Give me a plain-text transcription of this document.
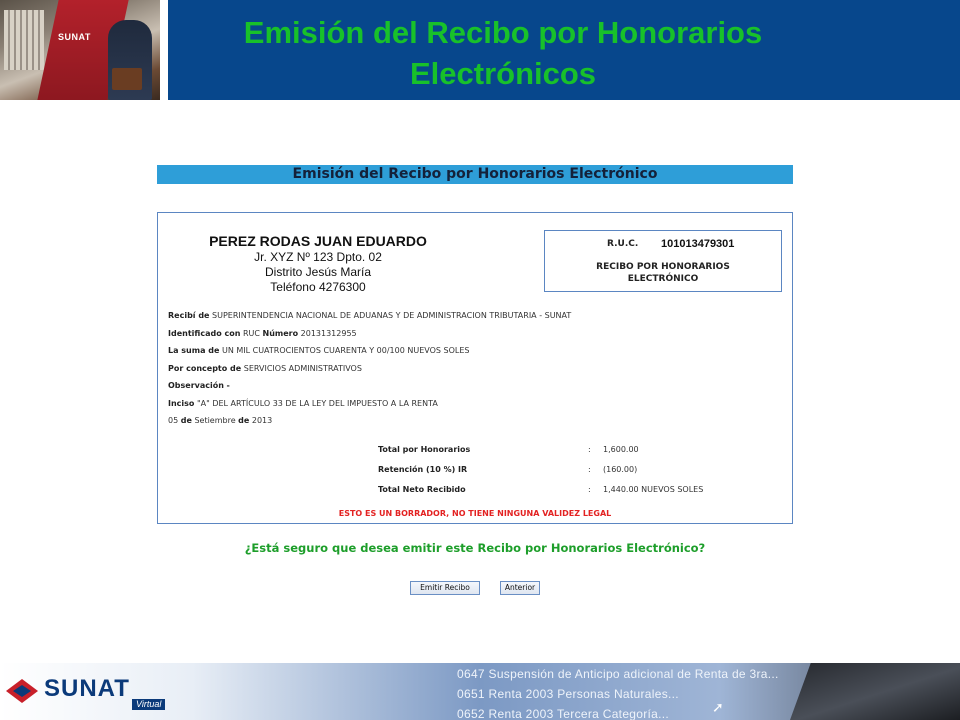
SUNAT	Emisión del Recibo por Honorarios Electrónicos
Emisión del Recibo por Honorarios Electrónico
PEREZ RODAS JUAN EDUARDO
Jr. XYZ Nº 123 Dpto. 02
Distrito Jesús María
Teléfono 4276300
R.U.C. 101013479301
RECIBO POR HONORARIOS ELECTRÓNICO
Recibí de SUPERINTENDENCIA NACIONAL DE ADUANAS Y DE ADMINISTRACION TRIBUTARIA - SUNAT
Identificado con RUC Número 20131312955
La suma de UN MIL CUATROCIENTOS CUARENTA Y 00/100 NUEVOS SOLES
Por concepto de SERVICIOS ADMINISTRATIVOS
Observación -
Inciso "A" DEL ARTÍCULO 33 DE LA LEY DEL IMPUESTO A LA RENTA
05 de Setiembre de 2013
Total por Honorarios	: 1,600.00
Retención (10 %) IR	: (160.00)
Total Neto Recibido	: 1,440.00 NUEVOS SOLES
ESTO ES UN BORRADOR, NO TIENE NINGUNA VALIDEZ LEGAL
¿Está seguro que desea emitir este Recibo por Honorarios Electrónico?
Emitir Recibo	Anterior
SUNAT
Virtual
0647 Suspensión de Anticipo adicional de Renta de 3ra...
0651 Renta 2003 Personas Naturales...
0652 Renta 2003 Tercera Categoría...	➚
